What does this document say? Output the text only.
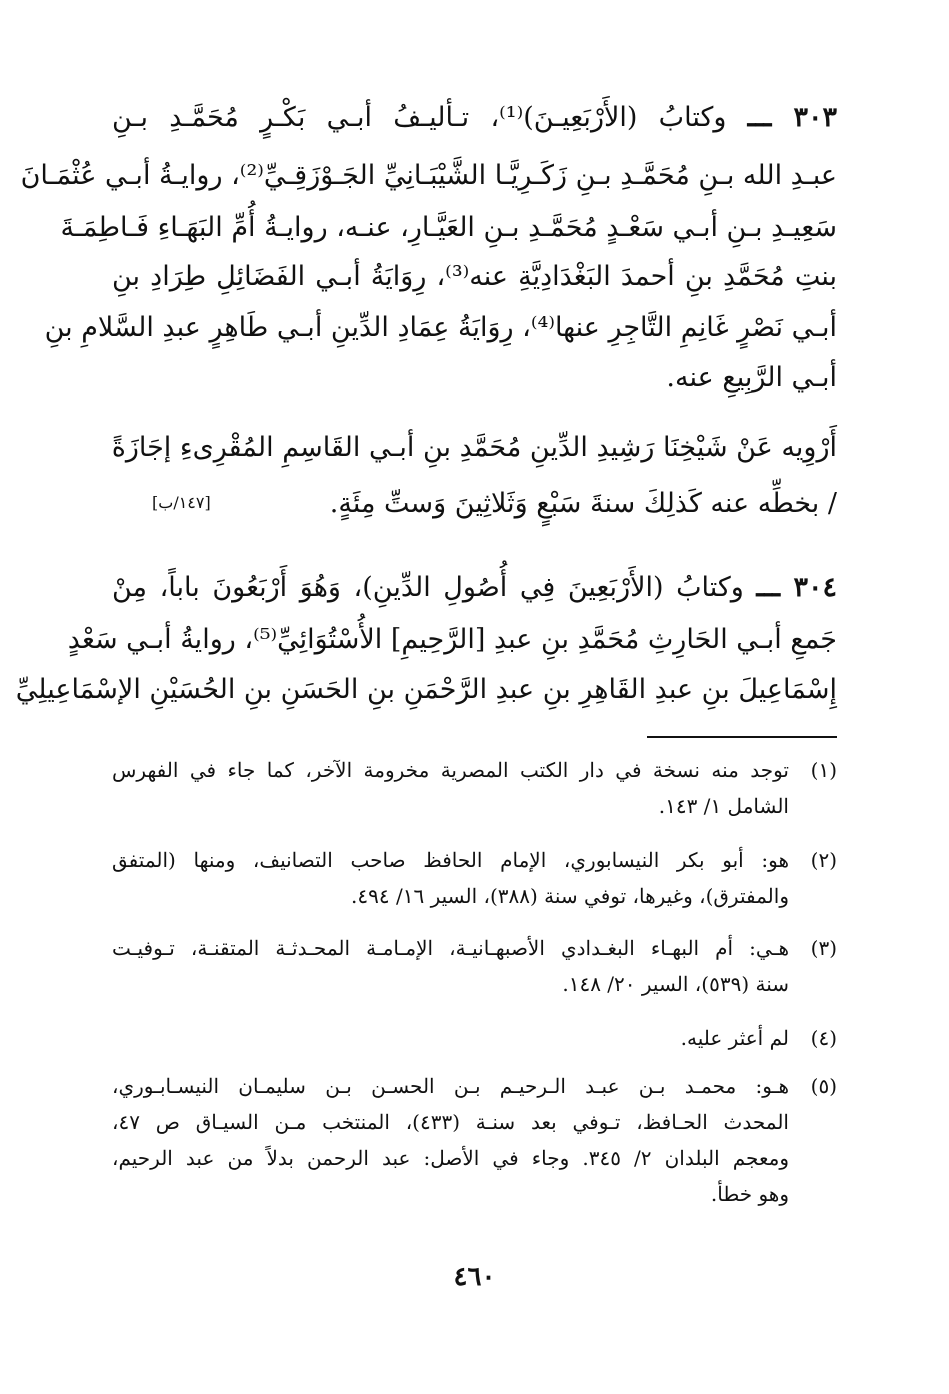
٣٠٣ ـــ وكتابُ (الأَرْبَعِيـنَ)⁽¹⁾، تـأليـفُ أبـي بَكْـرٍ مُحَمَّـدِ بـنِ
عبـدِ الله بـنِ مُحَمَّـدِ بـنِ زَكَـرِيَّـا الشَّيْبَـانِيِّ الجَـوْزَقِـيِّ⁽²⁾، روايـةُ أبـي عُثْمَـانَ
سَعِيـدِ بـنِ أبـي سَعْـدٍ مُحَمَّـدِ بـنِ العَيَّـارِ، عنـه، روايـةُ أُمِّ البَهَـاءِ فَـاطِمَـةَ
بنتِ مُحَمَّدِ بنِ أحمدَ البَغْدَادِيَّةِ عنه⁽³⁾، رِوَايَةُ أبـي الفَضَائِلِ طِرَادِ بنِ
أبـي نَصْرٍ غَانِمِ التَّاجِرِ عنها⁽⁴⁾، رِوَايَةُ عِمَادِ الدِّينِ أبـي طَاهِرٍ عبدِ السَّلامِ بنِ
أبـي الرَّبِيعِ عنه.
أَرْوِيه عَنْ شَيْخِنَا رَشِيدِ الدِّينِ مُحَمَّدِ بنِ أبـي القَاسِمِ المُقْرِىءِ إجَازَةً
/ بخطِّه عنه كَذلِكَ سنةَ سَبْعٍ وَثَلاثِينَ وَستِّ مِئَةٍ.
[١٤٧/ب]
٣٠٤ ـــ وكتابُ (الأَرْبَعِينَ فِي أُصُولِ الدِّينِ)، وَهُوَ أَرْبَعُونَ باباً، مِنْ
جَمعِ أبـي الحَارِثِ مُحَمَّدِ بنِ عبدِ [الرَّحِيمِ] الأُسْتُوَائِيِّ⁽⁵⁾، روايةُ أبـي سَعْدٍ
إِسْمَاعِيلَ بنِ عبدِ القَاهِرِ بنِ عبدِ الرَّحْمَنِ بنِ الحَسَنِ بنِ الحُسَيْنِ الإسْمَاعِيلِيِّ
(١)
توجد منه نسخة في دار الكتب المصرية مخرومة الآخر، كما جاء في الفهرس
الشامل ١/ ١٤٣.
(٢)
هو: أبو بكر النيسابوري، الإمام الحافظ صاحب التصانيف، ومنها (المتفق
والمفترق)، وغيرها، توفي سنة (٣٨٨)، السير ١٦/ ٤٩٤.
(٣)
هـي: أم البهـاء البغـدادي الأصبهـانيـة، الإمـامـة المحـدثـة المتقنـة، تـوفيـت
سنة (٥٣٩)، السير ٢٠/ ١٤٨.
(٤)
لم أعثر عليه.
(٥)
هـو: محمـد بـن عبـد الـرحيـم بـن الحسـن بـن سليمـان النيسـابـوري،
المحدث الحـافظ، تـوفي بعد سنـة (٤٣٣)، المنتخب مـن السيـاق ص ٤٧،
ومعجم البلدان ٢/ ٣٤٥. وجاء في الأصل: عبد الرحمن بدلاً من عبد الرحيم،
وهو خطأ.
٤٦٠
